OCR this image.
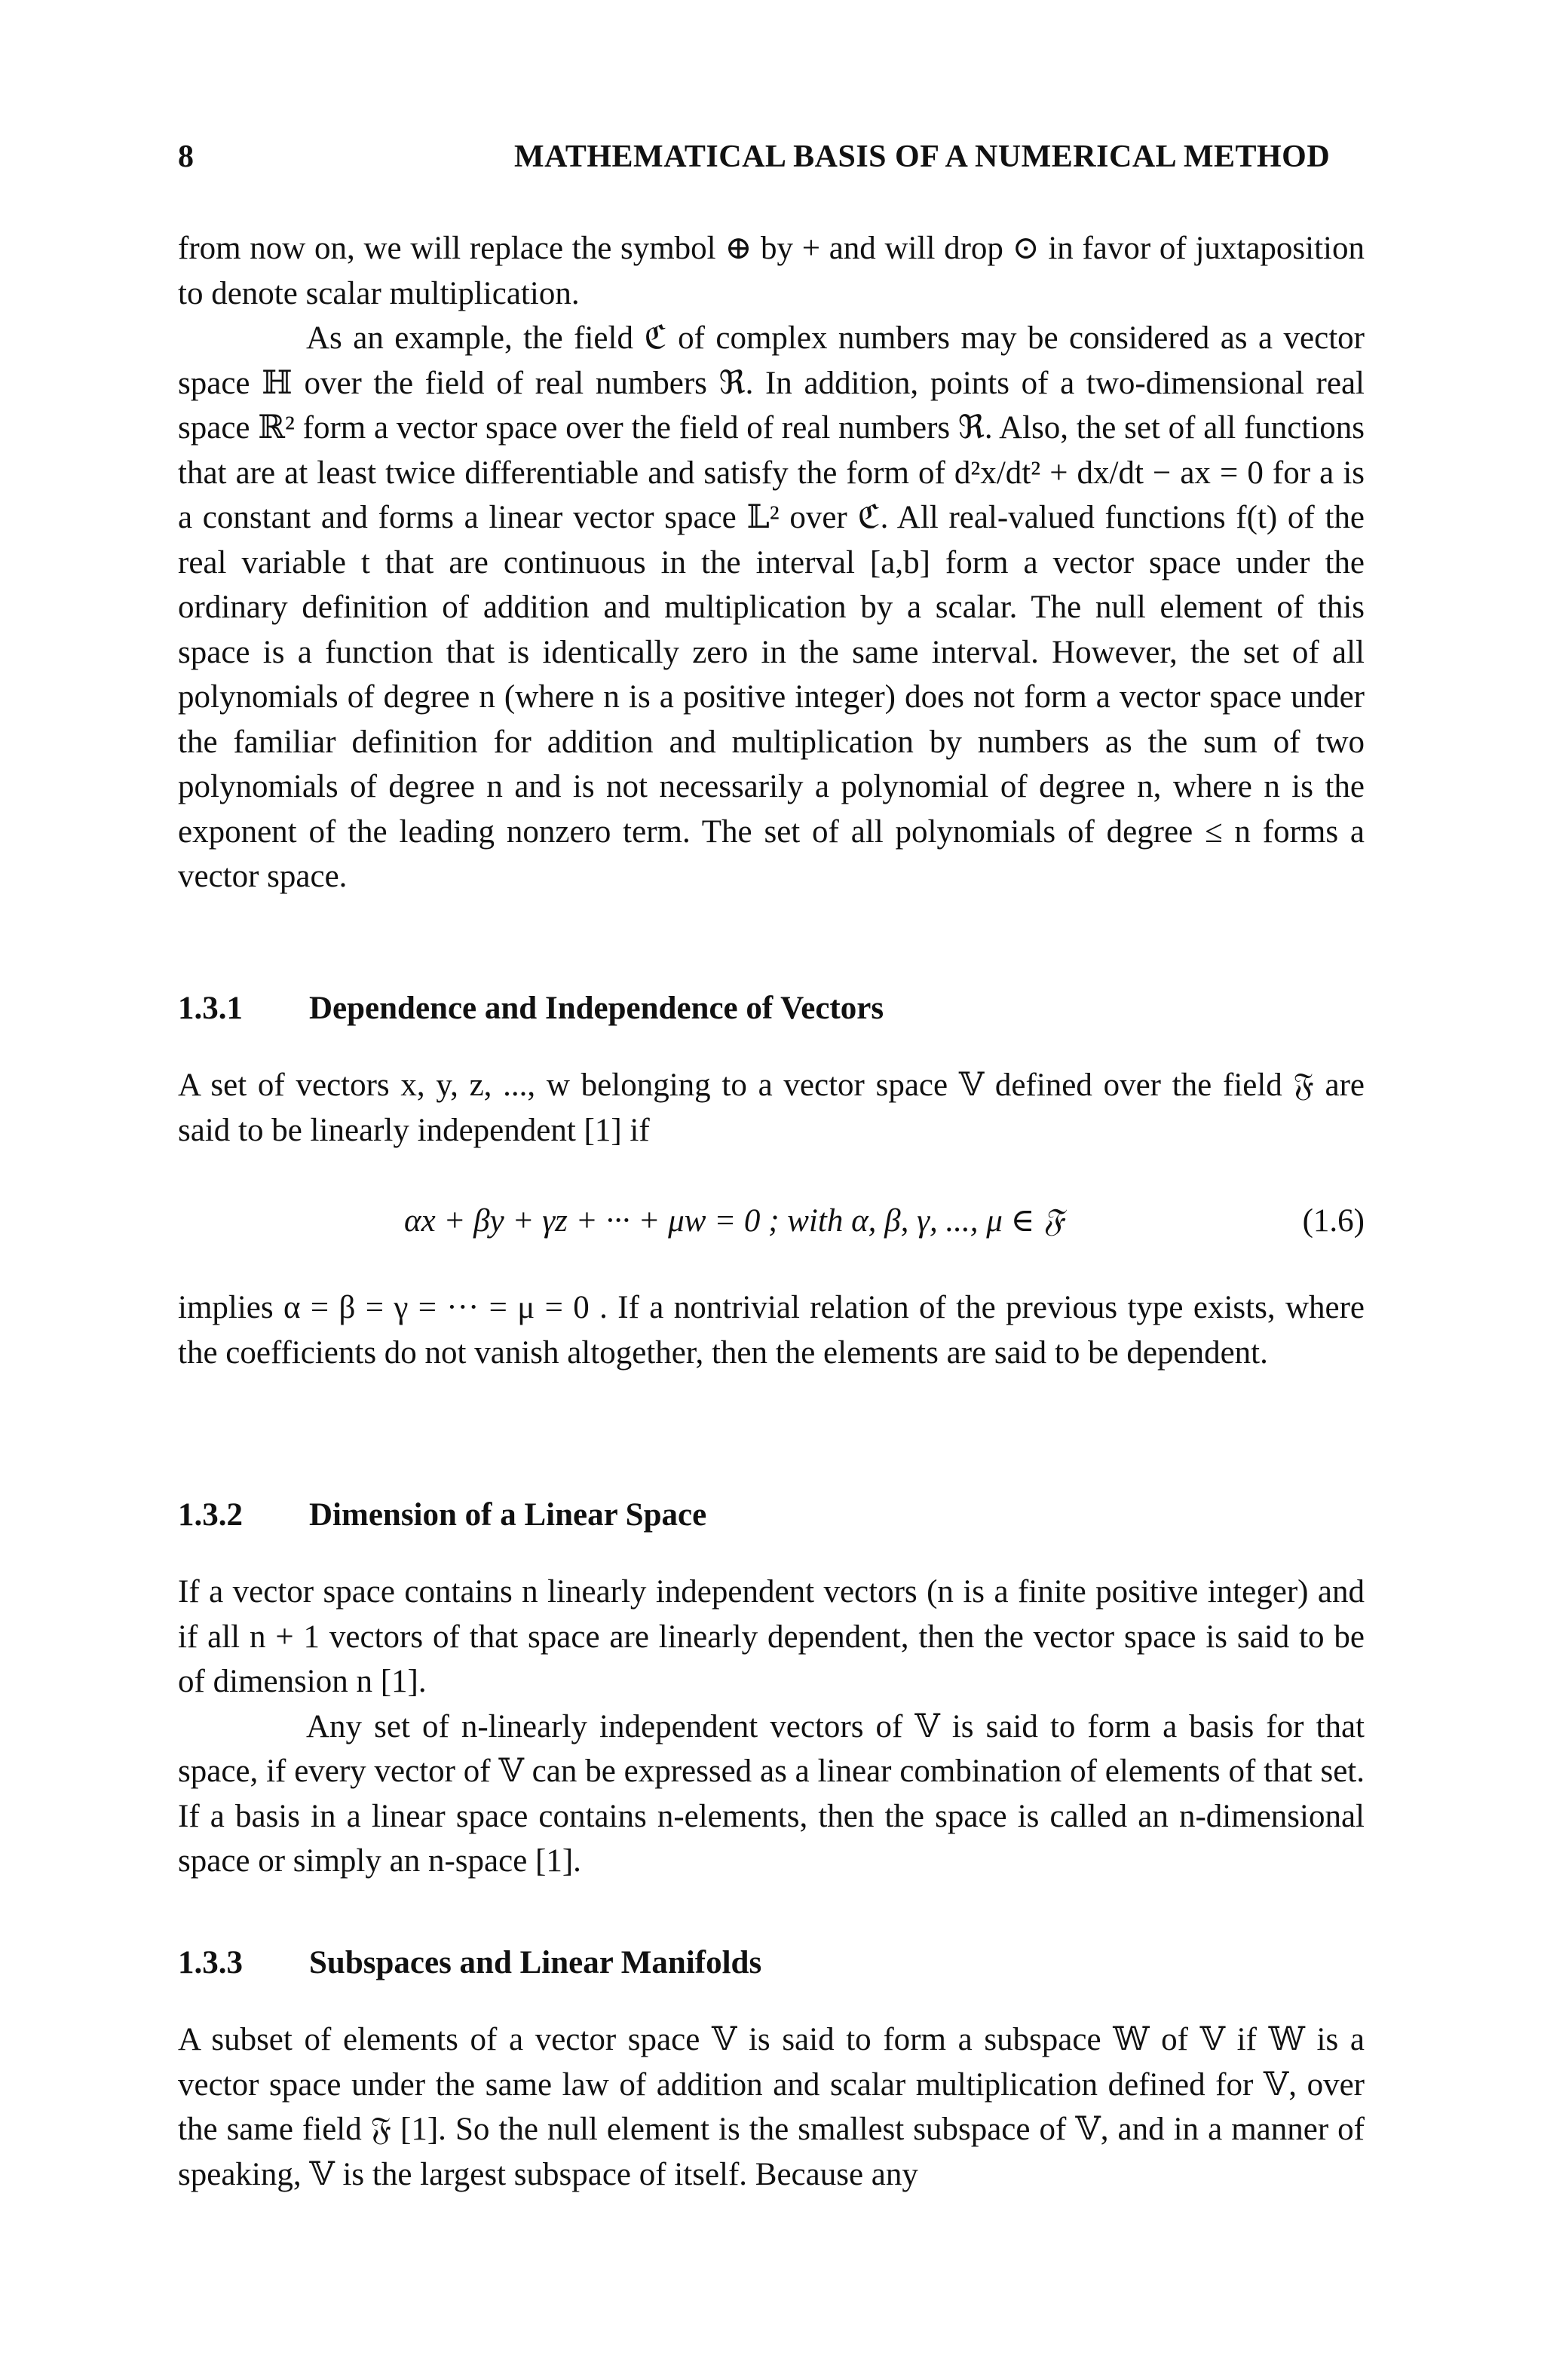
8	MATHEMATICAL BASIS OF A NUMERICAL METHOD

from now on, we will replace the symbol ⊕ by + and will drop ⊙ in favor of juxtaposition to denote scalar multiplication.

As an example, the field ℭ of complex numbers may be considered as a vector space ℍ over the field of real numbers ℜ. In addition, points of a two-dimensional real space ℝ² form a vector space over the field of real numbers ℜ. Also, the set of all functions that are at least twice differentiable and satisfy the form of d²x/dt² + dx/dt − ax = 0 for a is a constant and forms a linear vector space 𝕃² over ℭ. All real-valued functions f(t) of the real variable t that are continuous in the interval [a,b] form a vector space under the ordinary definition of addition and multiplication by a scalar. The null element of this space is a function that is identically zero in the same interval. However, the set of all polynomials of degree n (where n is a positive integer) does not form a vector space under the familiar definition for addition and multiplication by numbers as the sum of two polynomials of degree n and is not necessarily a polynomial of degree n, where n is the exponent of the leading nonzero term. The set of all polynomials of degree ≤ n forms a vector space.

1.3.1 Dependence and Independence of Vectors

A set of vectors x, y, z, ..., w belonging to a vector space 𝕍 defined over the field 𝔉 are said to be linearly independent [1] if

αx + βy + γz + ··· + μw = 0 ; with α, β, γ, ..., μ ∈ 𝔉	(1.6)

implies α = β = γ = ··· = μ = 0 . If a nontrivial relation of the previous type exists, where the coefficients do not vanish altogether, then the elements are said to be dependent.

1.3.2 Dimension of a Linear Space

If a vector space contains n linearly independent vectors (n is a finite positive integer) and if all n + 1 vectors of that space are linearly dependent, then the vector space is said to be of dimension n [1].

Any set of n-linearly independent vectors of 𝕍 is said to form a basis for that space, if every vector of 𝕍 can be expressed as a linear combination of elements of that set. If a basis in a linear space contains n-elements, then the space is called an n-dimensional space or simply an n-space [1].

1.3.3 Subspaces and Linear Manifolds

A subset of elements of a vector space 𝕍 is said to form a subspace 𝕎 of 𝕍 if 𝕎 is a vector space under the same law of addition and scalar multiplication defined for 𝕍, over the same field 𝔉 [1]. So the null element is the smallest subspace of 𝕍, and in a manner of speaking, 𝕍 is the largest subspace of itself. Because any
